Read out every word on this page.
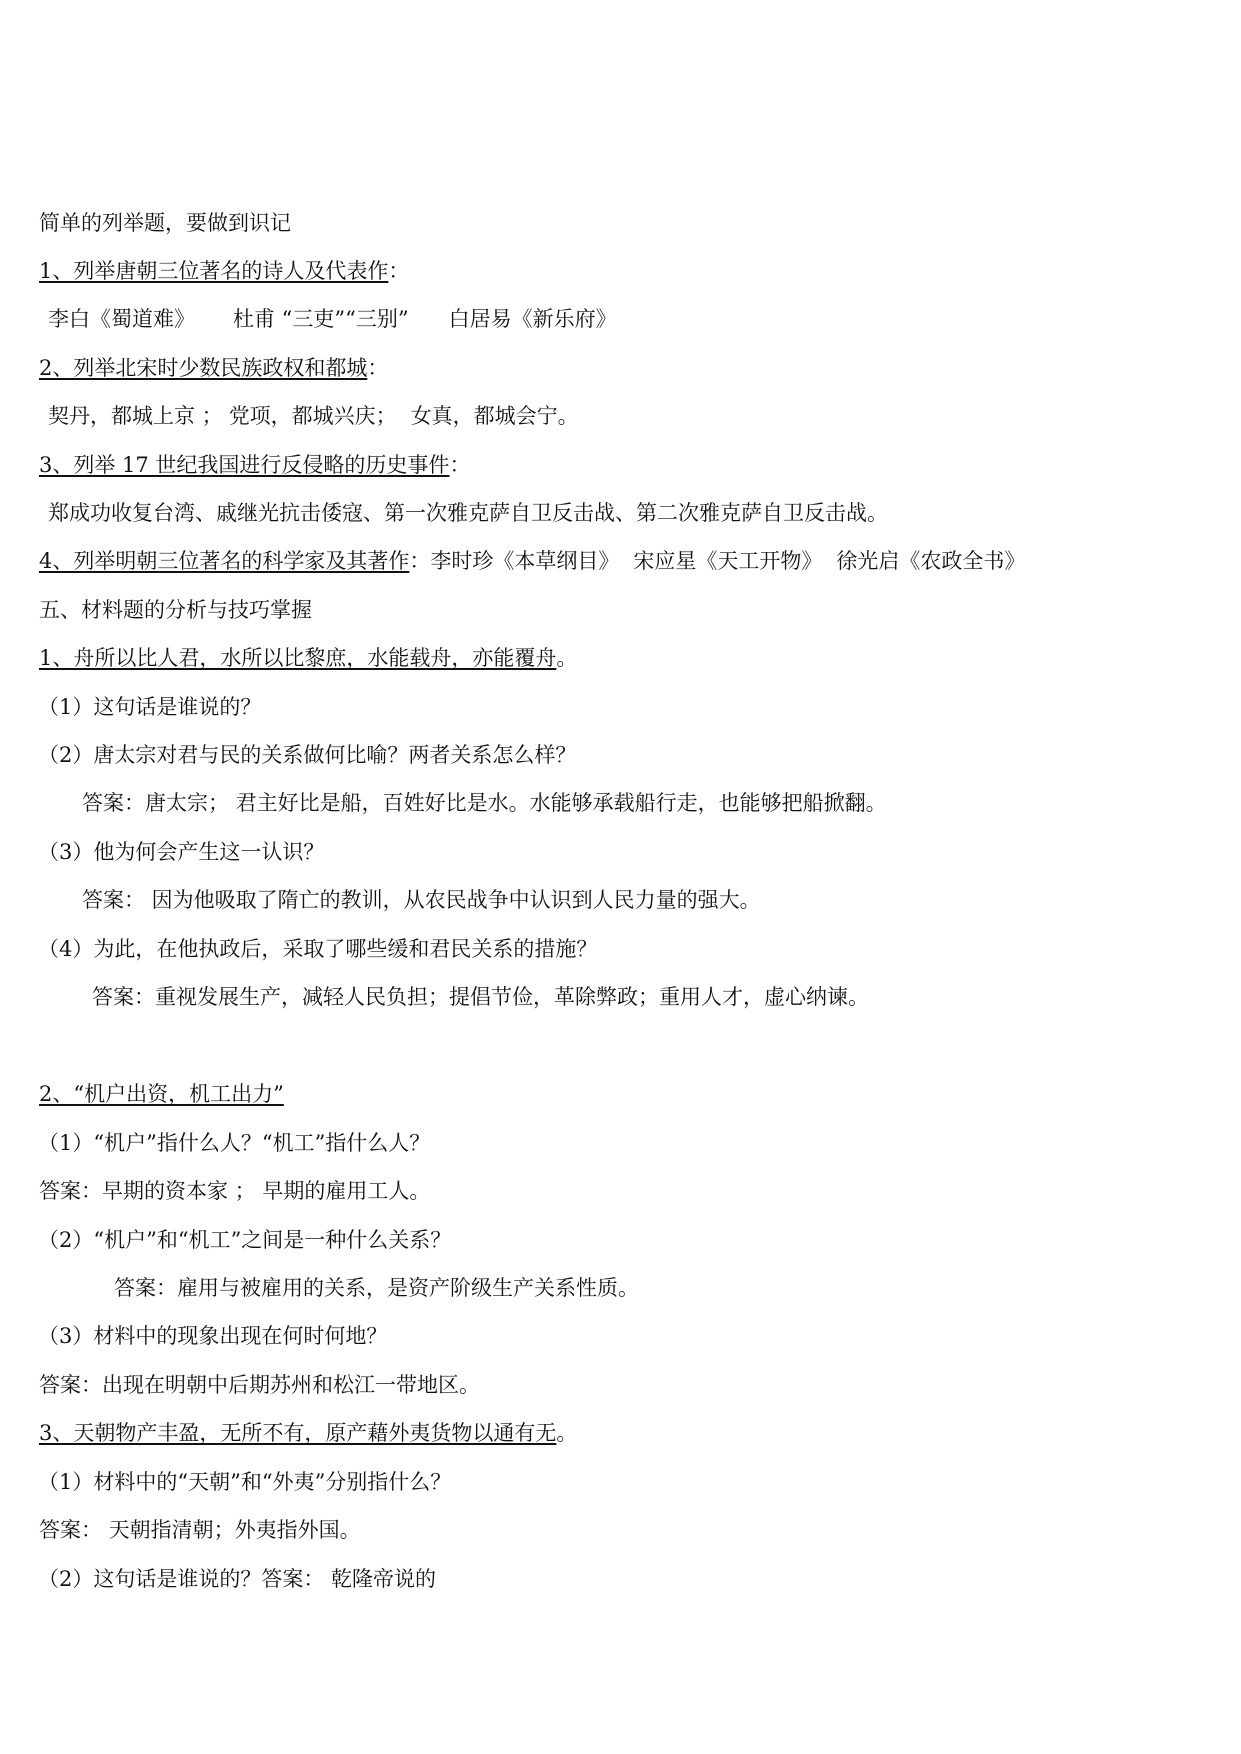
简单的列举题，要做到识记
1、列举唐朝三位著名的诗人及代表作：
李白《蜀道难》 杜甫 “三吏”“三别” 白居易《新乐府》
2、列举北宋时少数民族政权和都城：
契丹，都城上京 ； 党项，都城兴庆； 女真，都城会宁。
3、列举 17 世纪我国进行反侵略的历史事件：
郑成功收复台湾、戚继光抗击倭寇、第一次雅克萨自卫反击战、第二次雅克萨自卫反击战。
4、列举明朝三位著名的科学家及其著作：李时珍《本草纲目》 宋应星《天工开物》 徐光启《农政全书》
五、材料题的分析与技巧掌握
1、舟所以比人君，水所以比黎庶，水能载舟，亦能覆舟。
（1）这句话是谁说的？
（2）唐太宗对君与民的关系做何比喻？两者关系怎么样？
答案：唐太宗； 君主好比是船，百姓好比是水。水能够承载船行走，也能够把船掀翻。
（3）他为何会产生这一认识？
答案： 因为他吸取了隋亡的教训，从农民战争中认识到人民力量的强大。
（4）为此，在他执政后，采取了哪些缓和君民关系的措施？
答案：重视发展生产，减轻人民负担；提倡节俭，革除弊政；重用人才，虚心纳谏。
2、“机户出资，机工出力”
（1）“机户”指什么人？“机工”指什么人？
答案：早期的资本家 ； 早期的雇用工人。
（2）“机户”和“机工”之间是一种什么关系？
答案：雇用与被雇用的关系，是资产阶级生产关系性质。
（3）材料中的现象出现在何时何地？
答案：出现在明朝中后期苏州和松江一带地区。
3、天朝物产丰盈，无所不有，原产藉外夷货物以通有无。
（1）材料中的“天朝”和“外夷”分别指什么？
答案： 天朝指清朝；外夷指外国。
（2）这句话是谁说的？答案： 乾隆帝说的
